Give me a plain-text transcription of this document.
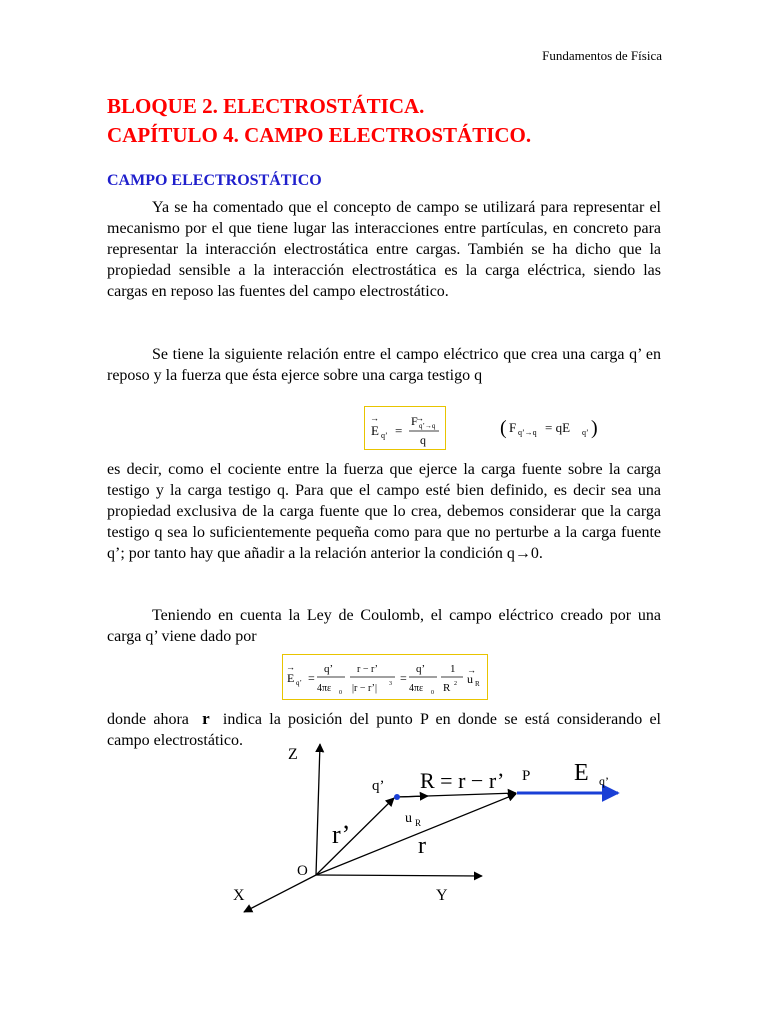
Fundamentos de Física
BLOQUE 2. ELECTROSTÁTICA.
CAPÍTULO 4. CAMPO ELECTROSTÁTICO.
CAMPO ELECTROSTÁTICO

Ya se ha comentado que el concepto de campo se utilizará para representar el mecanismo por el que tiene lugar las interacciones entre partículas, en concreto para representar la interacción electrostática entre cargas. También se ha dicho que la propiedad sensible a la interacción electrostática es la carga eléctrica, siendo las cargas en reposo las fuentes del campo electrostático.

Se tiene la siguiente relación entre el campo eléctrico que crea una carga q’ en reposo y la fuerza que ésta ejerce sobre una carga testigo q

→
E q’ =
→
F q’→q
q
( F q’→q = qE q’ )

es decir, como el cociente entre la fuerza que ejerce la carga fuente sobre la carga testigo y la carga testigo q. Para que el campo esté bien definido, es decir sea una propiedad exclusiva de la carga fuente que lo crea, debemos considerar que la carga testigo q sea lo suficientemente pequeña como para que no perturbe a la carga fuente q’; por tanto hay que añadir a la relación anterior la condición q→0.

Teniendo en cuenta la Ley de Coulomb, el campo eléctrico creado por una carga q’ viene dado por

→
E q’ =
q’
4πε 0
r − r’
|r − r’| 3 =
q’
4πε 0
1
R 2
→
u R

donde ahora r indica la posición del punto P en donde se está considerando el campo electrostático.

Z
X	Y
O
q’
P
R = r − r’
r’	r
u R
E q’
